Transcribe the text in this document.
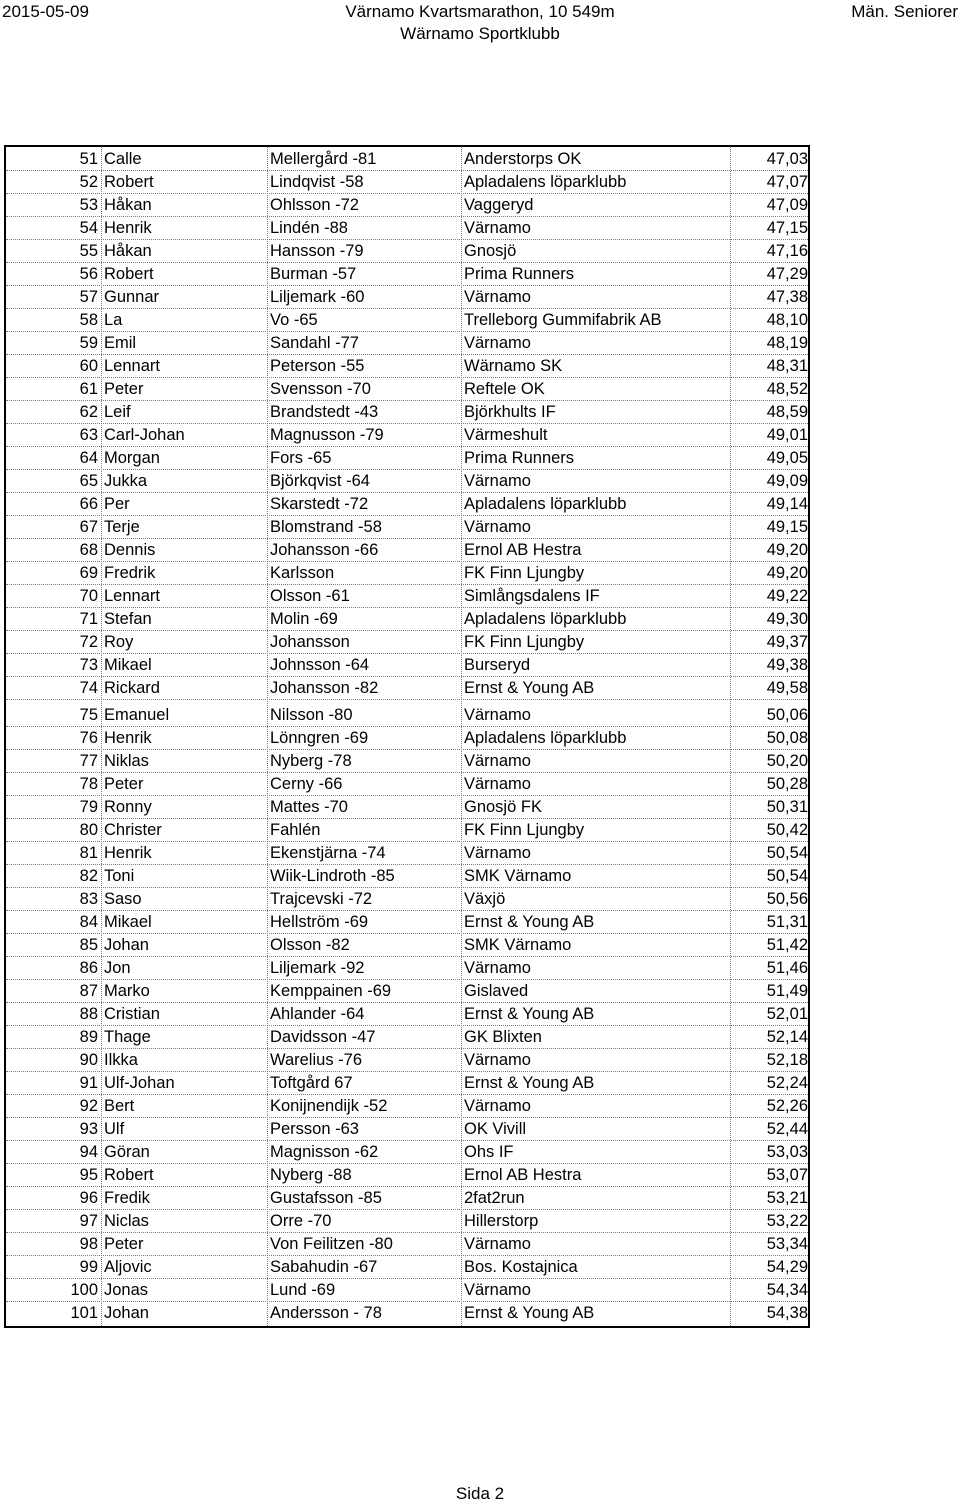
2015-05-09	Värnamo Kvartsmarathon, 10 549m
Wärnamo Sportklubb
Män. Seniorer
51 Calle	Mellergård -81	Anderstorps OK	47,03
52 Robert	Lindqvist -58	Apladalens löparklubb	47,07
53 Håkan	Ohlsson -72	Vaggeryd	47,09
54 Henrik	Lindén -88	Värnamo	47,15
55 Håkan	Hansson -79	Gnosjö	47,16
56 Robert	Burman -57	Prima Runners	47,29
57 Gunnar	Liljemark -60	Värnamo	47,38
58 La	Vo -65	Trelleborg Gummifabrik AB	48,10
59 Emil	Sandahl -77	Värnamo	48,19
60 Lennart	Peterson -55	Wärnamo SK	48,31
61 Peter	Svensson -70	Reftele OK	48,52
62 Leif	Brandstedt -43	Björkhults IF	48,59
63 Carl-Johan	Magnusson -79	Värmeshult	49,01
64 Morgan	Fors -65	Prima Runners	49,05
65 Jukka	Björkqvist -64	Värnamo	49,09
66 Per	Skarstedt -72	Apladalens löparklubb	49,14
67 Terje	Blomstrand -58	Värnamo	49,15
68 Dennis	Johansson -66	Ernol AB Hestra	49,20
69 Fredrik	Karlsson	FK Finn Ljungby	49,20
70 Lennart	Olsson -61	Simlångsdalens IF	49,22
71 Stefan	Molin -69	Apladalens löparklubb	49,30
72 Roy	Johansson	FK Finn Ljungby	49,37
73 Mikael	Johnsson -64	Burseryd	49,38
74 Rickard	Johansson -82	Ernst & Young AB	49,58
75 Emanuel	Nilsson -80	Värnamo	50,06
76 Henrik	Lönngren -69	Apladalens löparklubb	50,08
77 Niklas	Nyberg -78	Värnamo	50,20
78 Peter	Cerny -66	Värnamo	50,28
79 Ronny	Mattes -70	Gnosjö FK	50,31
80 Christer	Fahlén	FK Finn Ljungby	50,42
81 Henrik	Ekenstjärna -74	Värnamo	50,54
82 Toni	Wiik-Lindroth -85	SMK Värnamo	50,54
83 Saso	Trajcevski -72	Växjö	50,56
84 Mikael	Hellström -69	Ernst & Young AB	51,31
85 Johan	Olsson -82	SMK Värnamo	51,42
86 Jon	Liljemark -92	Värnamo	51,46
87 Marko	Kemppainen -69	Gislaved	51,49
88 Cristian	Ahlander -64	Ernst & Young AB	52,01
89 Thage	Davidsson -47	GK Blixten	52,14
90 Ilkka	Warelius -76	Värnamo	52,18
91 Ulf-Johan	Toftgård 67	Ernst & Young AB	52,24
92 Bert	Konijnendijk -52	Värnamo	52,26
93 Ulf	Persson -63	OK Vivill	52,44
94 Göran	Magnisson -62	Ohs IF	53,03
95 Robert	Nyberg -88	Ernol AB Hestra	53,07
96 Fredik	Gustafsson -85	2fat2run	53,21
97 Niclas	Orre -70	Hillerstorp	53,22
98 Peter	Von Feilitzen -80	Värnamo	53,34
99 Aljovic	Sabahudin -67	Bos. Kostajnica	54,29
100 Jonas	Lund -69	Värnamo	54,34
101 Johan	Andersson - 78	Ernst & Young AB	54,38
Sida 2
